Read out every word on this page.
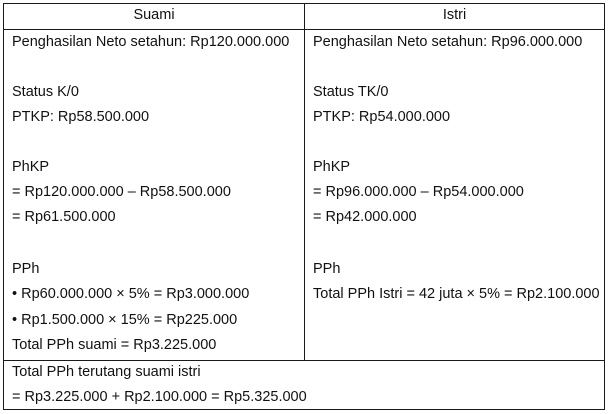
Suami	Istri
Penghasilan Neto setahun: Rp120.000.000
Status K/0
PTKP: Rp58.500.000
PhKP
= Rp120.000.000 – Rp58.500.000
= Rp61.500.000
PPh
• Rp60.000.000 × 5% = Rp3.000.000
• Rp1.500.000 × 15% = Rp225.000
Total PPh suami = Rp3.225.000
Penghasilan Neto setahun: Rp96.000.000
Status TK/0
PTKP: Rp54.000.000
PhKP
= Rp96.000.000 – Rp54.000.000
= Rp42.000.000
PPh
Total PPh Istri = 42 juta × 5% = Rp2.100.000
Total PPh terutang suami istri
= Rp3.225.000 + Rp2.100.000 = Rp5.325.000
